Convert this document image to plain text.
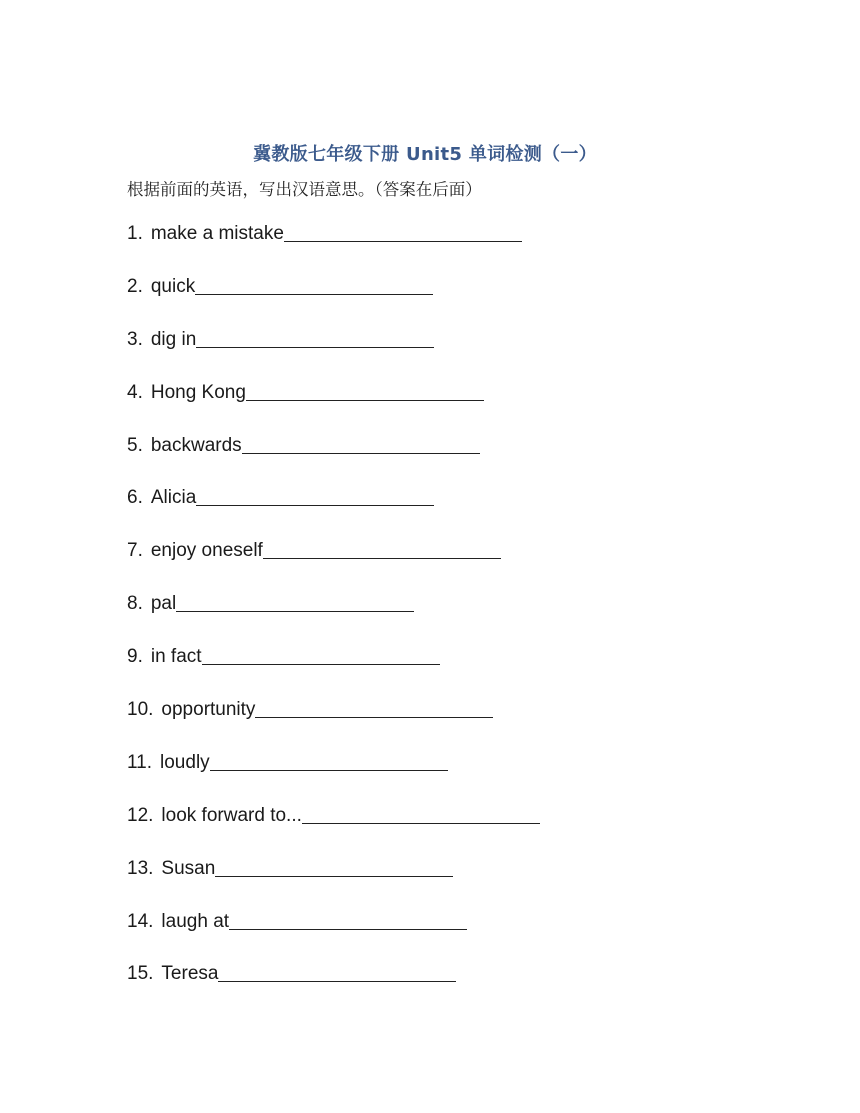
冀教版七年级下册 Unit5 单词检测（一）
根据前面的英语，写出汉语意思。（答案在后面）
1. make a mistake
2. quick
3. dig in
4. Hong Kong
5. backwards
6. Alicia
7. enjoy oneself
8. pal
9. in fact
10. opportunity
11. loudly
12. look forward to...
13. Susan
14. laugh at
15. Teresa
